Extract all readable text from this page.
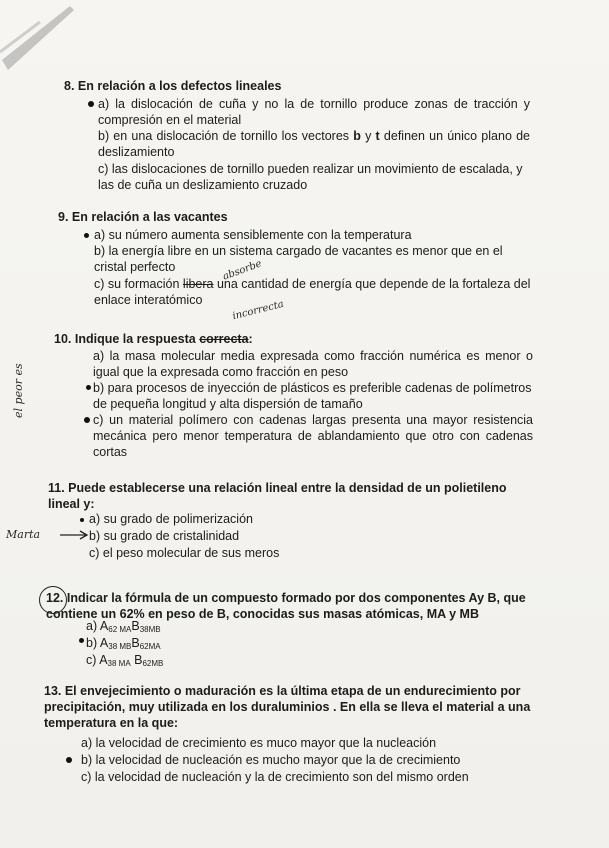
8. En relación a los defectos lineales
a) la dislocación de cuña y no la de tornillo produce zonas de tracción y compresión en el material
b) en una dislocación de tornillo los vectores b y t definen un único plano de deslizamiento
c) las dislocaciones de tornillo pueden realizar un movimiento de escalada, y las de cuña un deslizamiento cruzado
9. En relación a las vacantes
a) su número aumenta sensiblemente con la temperatura
b) la energía libre en un sistema cargado de vacantes es menor que en el cristal perfecto
c) su formación libera una cantidad de energía que depende de la fortaleza del enlace interatómico
absorbe
incorrecta
10. Indique la respuesta correcta:
a) la masa molecular media expresada como fracción numérica es menor o igual que la expresada como fracción en peso
b) para procesos de inyección de plásticos es preferible cadenas de polímetros de pequeña longitud y alta dispersión de tamaño
c) un material polímero con cadenas largas presenta una mayor resistencia mecánica pero menor temperatura de ablandamiento que otro con cadenas cortas
el peor es
11. Puede establecerse una relación lineal entre la densidad de un polietileno lineal y:
a) su grado de polimerización
b) su grado de cristalinidad
c) el peso molecular de sus meros
Marta
12. Indicar la fórmula de un compuesto formado por dos componentes Ay B, que contiene un 62% en peso de B, conocidas sus masas atómicas, MA y MB
a) $A_{62 MA}B_{38MB}$
b) $A_{38 MB}B_{62MA}$
c) $A_{38 MA}$ $B_{62MB}$
13. El envejecimiento o maduración es la última etapa de un endurecimiento por precipitación, muy utilizada en los duraluminios . En ella se lleva el material a una temperatura en la que:
a) la velocidad de crecimiento es muco mayor que la nucleación
b) la velocidad de nucleación es mucho mayor que la de crecimiento
c) la velocidad de nucleación y la de crecimiento son del mismo orden
